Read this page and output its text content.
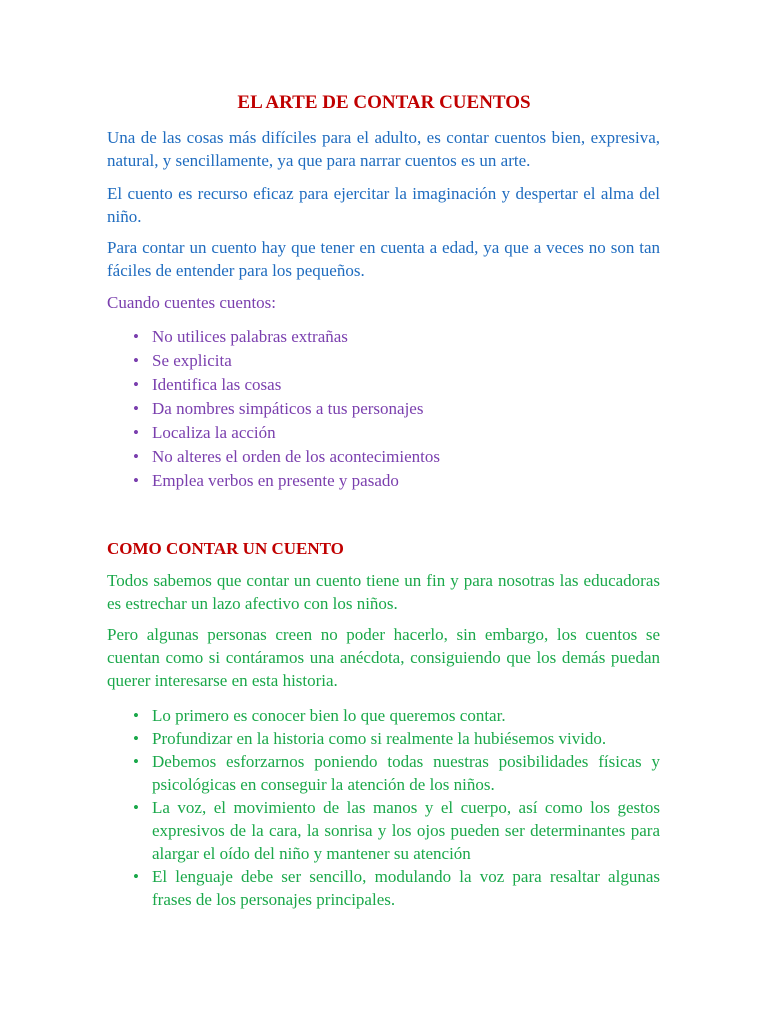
EL ARTE DE CONTAR CUENTOS

Una de las cosas más difíciles para el adulto, es contar cuentos bien, expresiva, natural, y sencillamente, ya que para narrar cuentos es un arte.

El cuento es recurso eficaz para ejercitar la imaginación y despertar el alma del niño.

Para contar un cuento hay que tener en cuenta a edad, ya que a veces no son tan fáciles de entender para los pequeños.

Cuando cuentes cuentos:

• No utilices palabras extrañas
• Se explicita
• Identifica las cosas
• Da nombres simpáticos a tus personajes
• Localiza la acción
• No alteres el orden de los acontecimientos
• Emplea verbos en presente y pasado
COMO CONTAR UN CUENTO

Todos sabemos que contar un cuento tiene un fin y para nosotras las educadoras es estrechar un lazo afectivo con los niños.

Pero algunas personas creen no poder hacerlo, sin embargo, los cuentos se cuentan como si contáramos una anécdota, consiguiendo que los demás puedan querer interesarse en esta historia.

• Lo primero es conocer bien lo que queremos contar.
• Profundizar en la historia como si realmente la hubiésemos vivido.
• Debemos esforzarnos poniendo todas nuestras posibilidades físicas y psicológicas en conseguir la atención de los niños.
• La voz, el movimiento de las manos y el cuerpo, así como los gestos expresivos de la cara, la sonrisa y los ojos pueden ser determinantes para alargar el oído del niño y mantener su atención
• El lenguaje debe ser sencillo, modulando la voz para resaltar algunas frases de los personajes principales.
